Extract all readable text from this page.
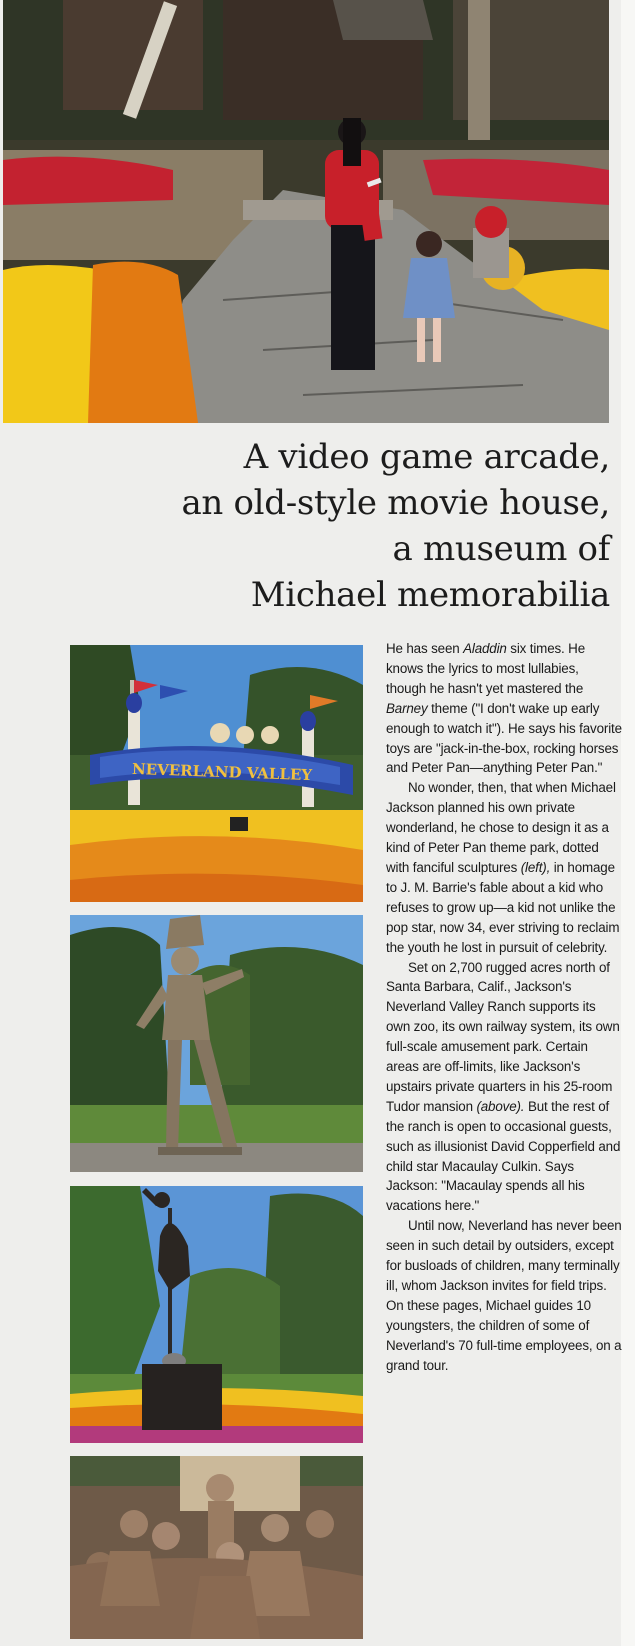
A video game arcade,
an old-style movie house,
a museum of
Michael memorabilia
NEVERLAND VALLEY

He has seen Aladdin six times. He knows the lyrics to most lullabies, though he hasn't yet mastered the Barney theme ("I don't wake up early enough to watch it"). He says his favorite toys are "jack-in-the-box, rocking horses and Peter Pan—anything Peter Pan."

No wonder, then, that when Michael Jackson planned his own private wonderland, he chose to design it as a kind of Peter Pan theme park, dotted with fanciful sculptures (left), in homage to J. M. Barrie's fable about a kid who refuses to grow up—a kid not unlike the pop star, now 34, ever striving to reclaim the youth he lost in pursuit of celebrity.

Set on 2,700 rugged acres north of Santa Barbara, Calif., Jackson's Neverland Valley Ranch supports its own zoo, its own railway system, its own full-scale amusement park. Certain areas are off-limits, like Jackson's upstairs private quarters in his 25-room Tudor mansion (above). But the rest of the ranch is open to occasional guests, such as illusionist David Copperfield and child star Macaulay Culkin. Says Jackson: "Macaulay spends all his vacations here."

Until now, Neverland has never been seen in such detail by outsiders, except for busloads of children, many terminally ill, whom Jackson invites for field trips. On these pages, Michael guides 10 youngsters, the children of some of Neverland's 70 full-time employees, on a grand tour.
